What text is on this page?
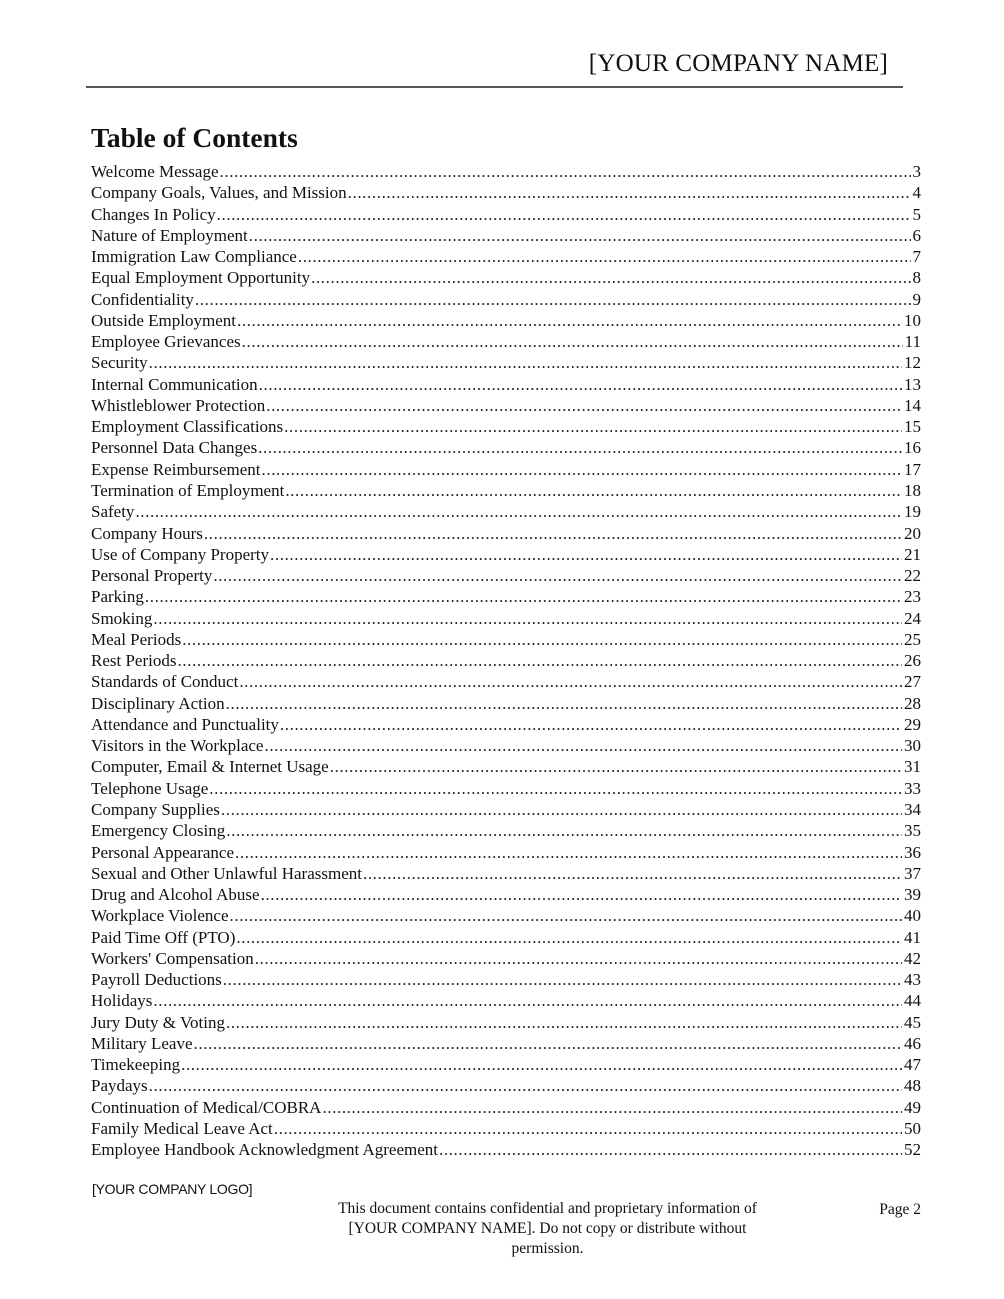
[YOUR COMPANY NAME]
Table of Contents
Welcome Message .....	3
Company Goals, Values, and Mission .....	4
Changes In Policy .....	5
Nature of Employment .....	6
Immigration Law Compliance .....	7
Equal Employment Opportunity .....	8
Confidentiality .....	9
Outside Employment .....	10
Employee Grievances .....	11
Security .....	12
Internal Communication .....	13
Whistleblower Protection .....	14
Employment Classifications .....	15
Personnel Data Changes .....	16
Expense Reimbursement .....	17
Termination of Employment .....	18
Safety .....	19
Company Hours .....	20
Use of Company Property .....	21
Personal Property .....	22
Parking .....	23
Smoking .....	24
Meal Periods .....	25
Rest Periods .....	26
Standards of Conduct .....	27
Disciplinary Action .....	28
Attendance and Punctuality .....	29
Visitors in the Workplace .....	30
Computer, Email & Internet Usage .....	31
Telephone Usage .....	33
Company Supplies .....	34
Emergency Closing .....	35
Personal Appearance .....	36
Sexual and Other Unlawful Harassment .....	37
Drug and Alcohol Abuse .....	39
Workplace Violence .....	40
Paid Time Off (PTO) .....	41
Workers' Compensation .....	42
Payroll Deductions .....	43
Holidays .....	44
Jury Duty & Voting .....	45
Military Leave .....	46
Timekeeping .....	47
Paydays .....	48
Continuation of Medical/COBRA .....	49
Family Medical Leave Act .....	50
Employee Handbook Acknowledgment Agreement .....	52
[YOUR COMPANY LOGO]
This document contains confidential and proprietary information of
[YOUR COMPANY NAME]. Do not copy or distribute without
permission.
Page 2
